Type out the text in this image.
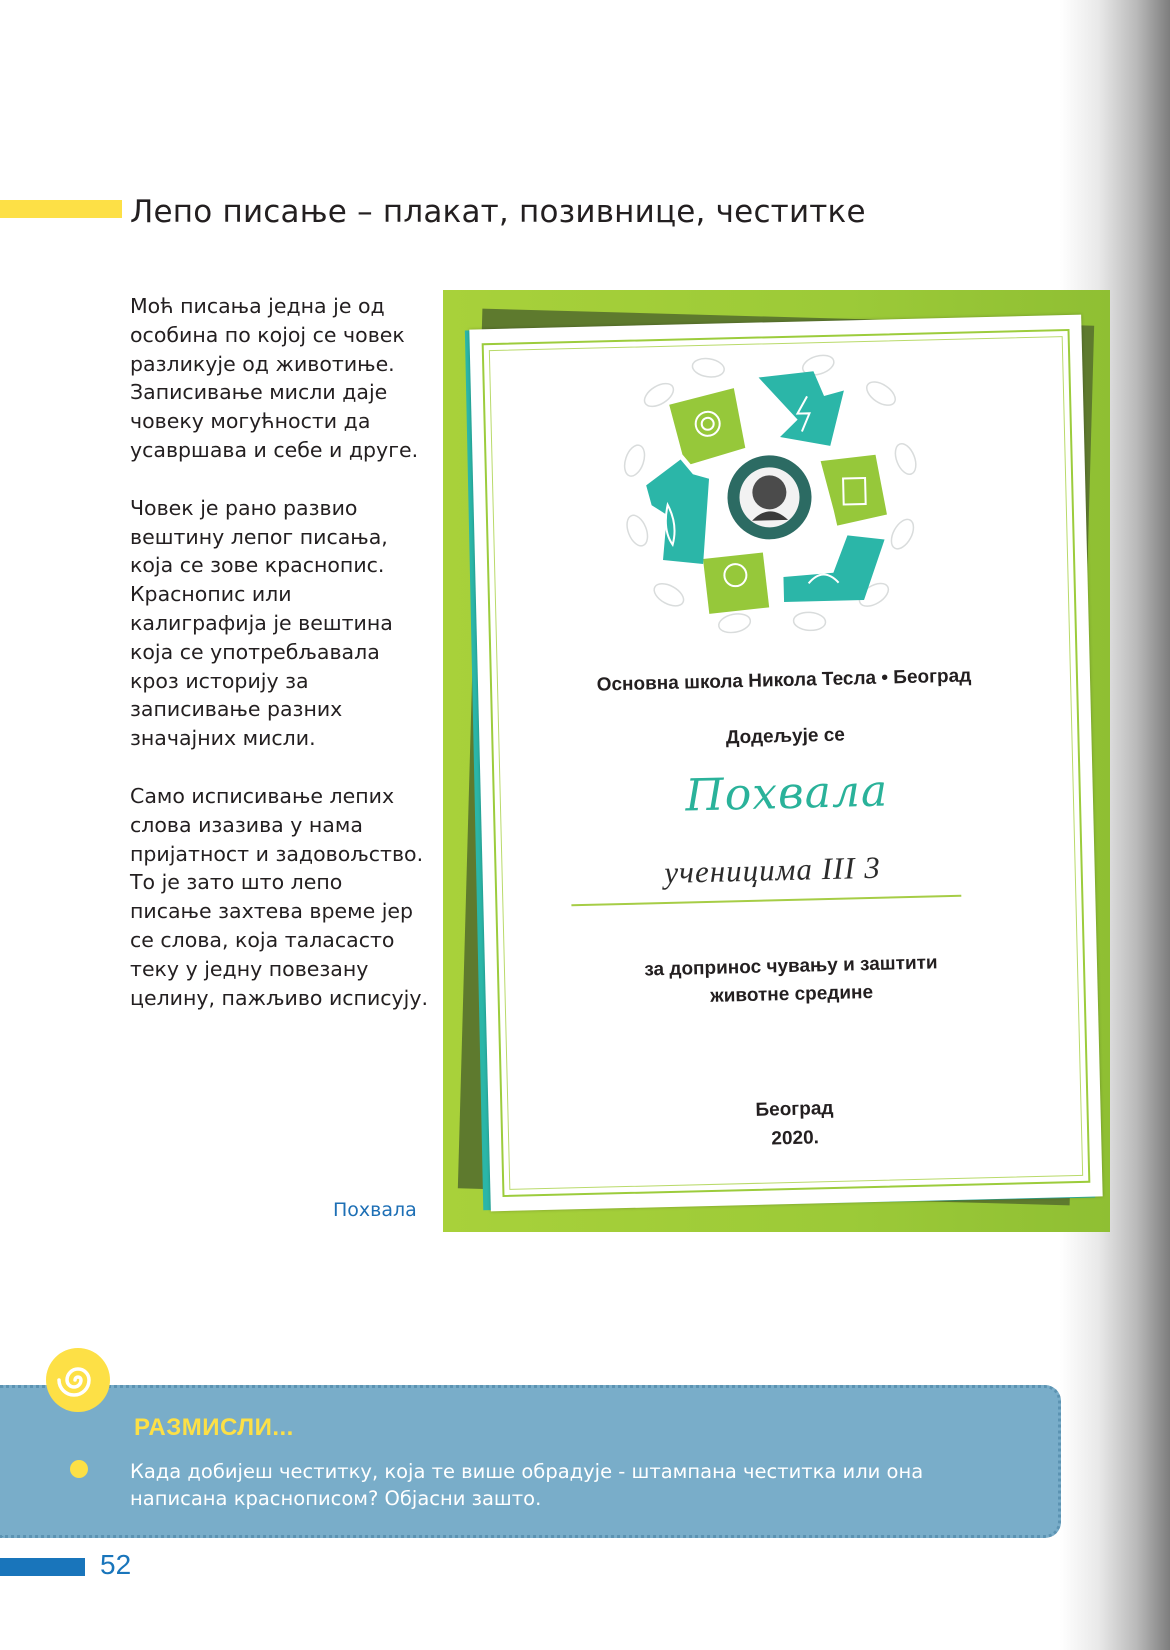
Лепо писање – плакат, позивнице, честитке

Моћ писања једна је од особина по којој се човек разликује од животиње. Записивање мисли даје човеку могућности да усавршава и себе и друге.

Човек је рано развио вештину лепог писања, која се зове краснопис. Краснопис или калиграфија је вештина која се употребљавала кроз историју за записивање разних значајних мисли.

Само исписивање лепих слова изазива у нама пријатност и задовољство. То је зато што лепо писање захтева време јер се слова, која таласасто теку у једну повезану целину, пажљиво исписују.

Похвала
Основна школа Никола Тесла • Београд
Додељује се
Похвала
ученицима III 3
за допринос чувању и заштити
животне средине
Београд
2020.
РАЗМИСЛИ...
Када добијеш честитку, која те више обрадује - штампана честитка или она написана краснописом? Објасни зашто.
52
